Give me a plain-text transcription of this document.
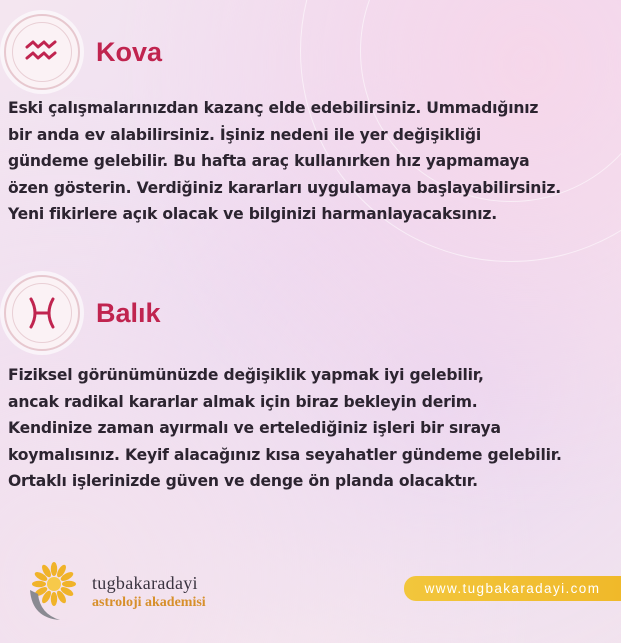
Kova
Eski çalışmalarınızdan kazanç elde edebilirsiniz. Ummadığınız
bir anda ev alabilirsiniz. İşiniz nedeni ile yer değişikliği
gündeme gelebilir. Bu hafta araç kullanırken hız yapmamaya
özen gösterin. Verdiğiniz kararları uygulamaya başlayabilirsiniz.
Yeni fikirlere açık olacak ve bilginizi harmanlayacaksınız.
Balık
Fiziksel görünümünüzde değişiklik yapmak iyi gelebilir,
ancak radikal kararlar almak için biraz bekleyin derim.
Kendinize zaman ayırmalı ve ertelediğiniz işleri bir sıraya
koymalısınız. Keyif alacağınız kısa seyahatler gündeme gelebilir.
Ortaklı işlerinizde güven ve denge ön planda olacaktır.
tugbakaradayi
astroloji akademisi
www.tugbakaradayi.com
